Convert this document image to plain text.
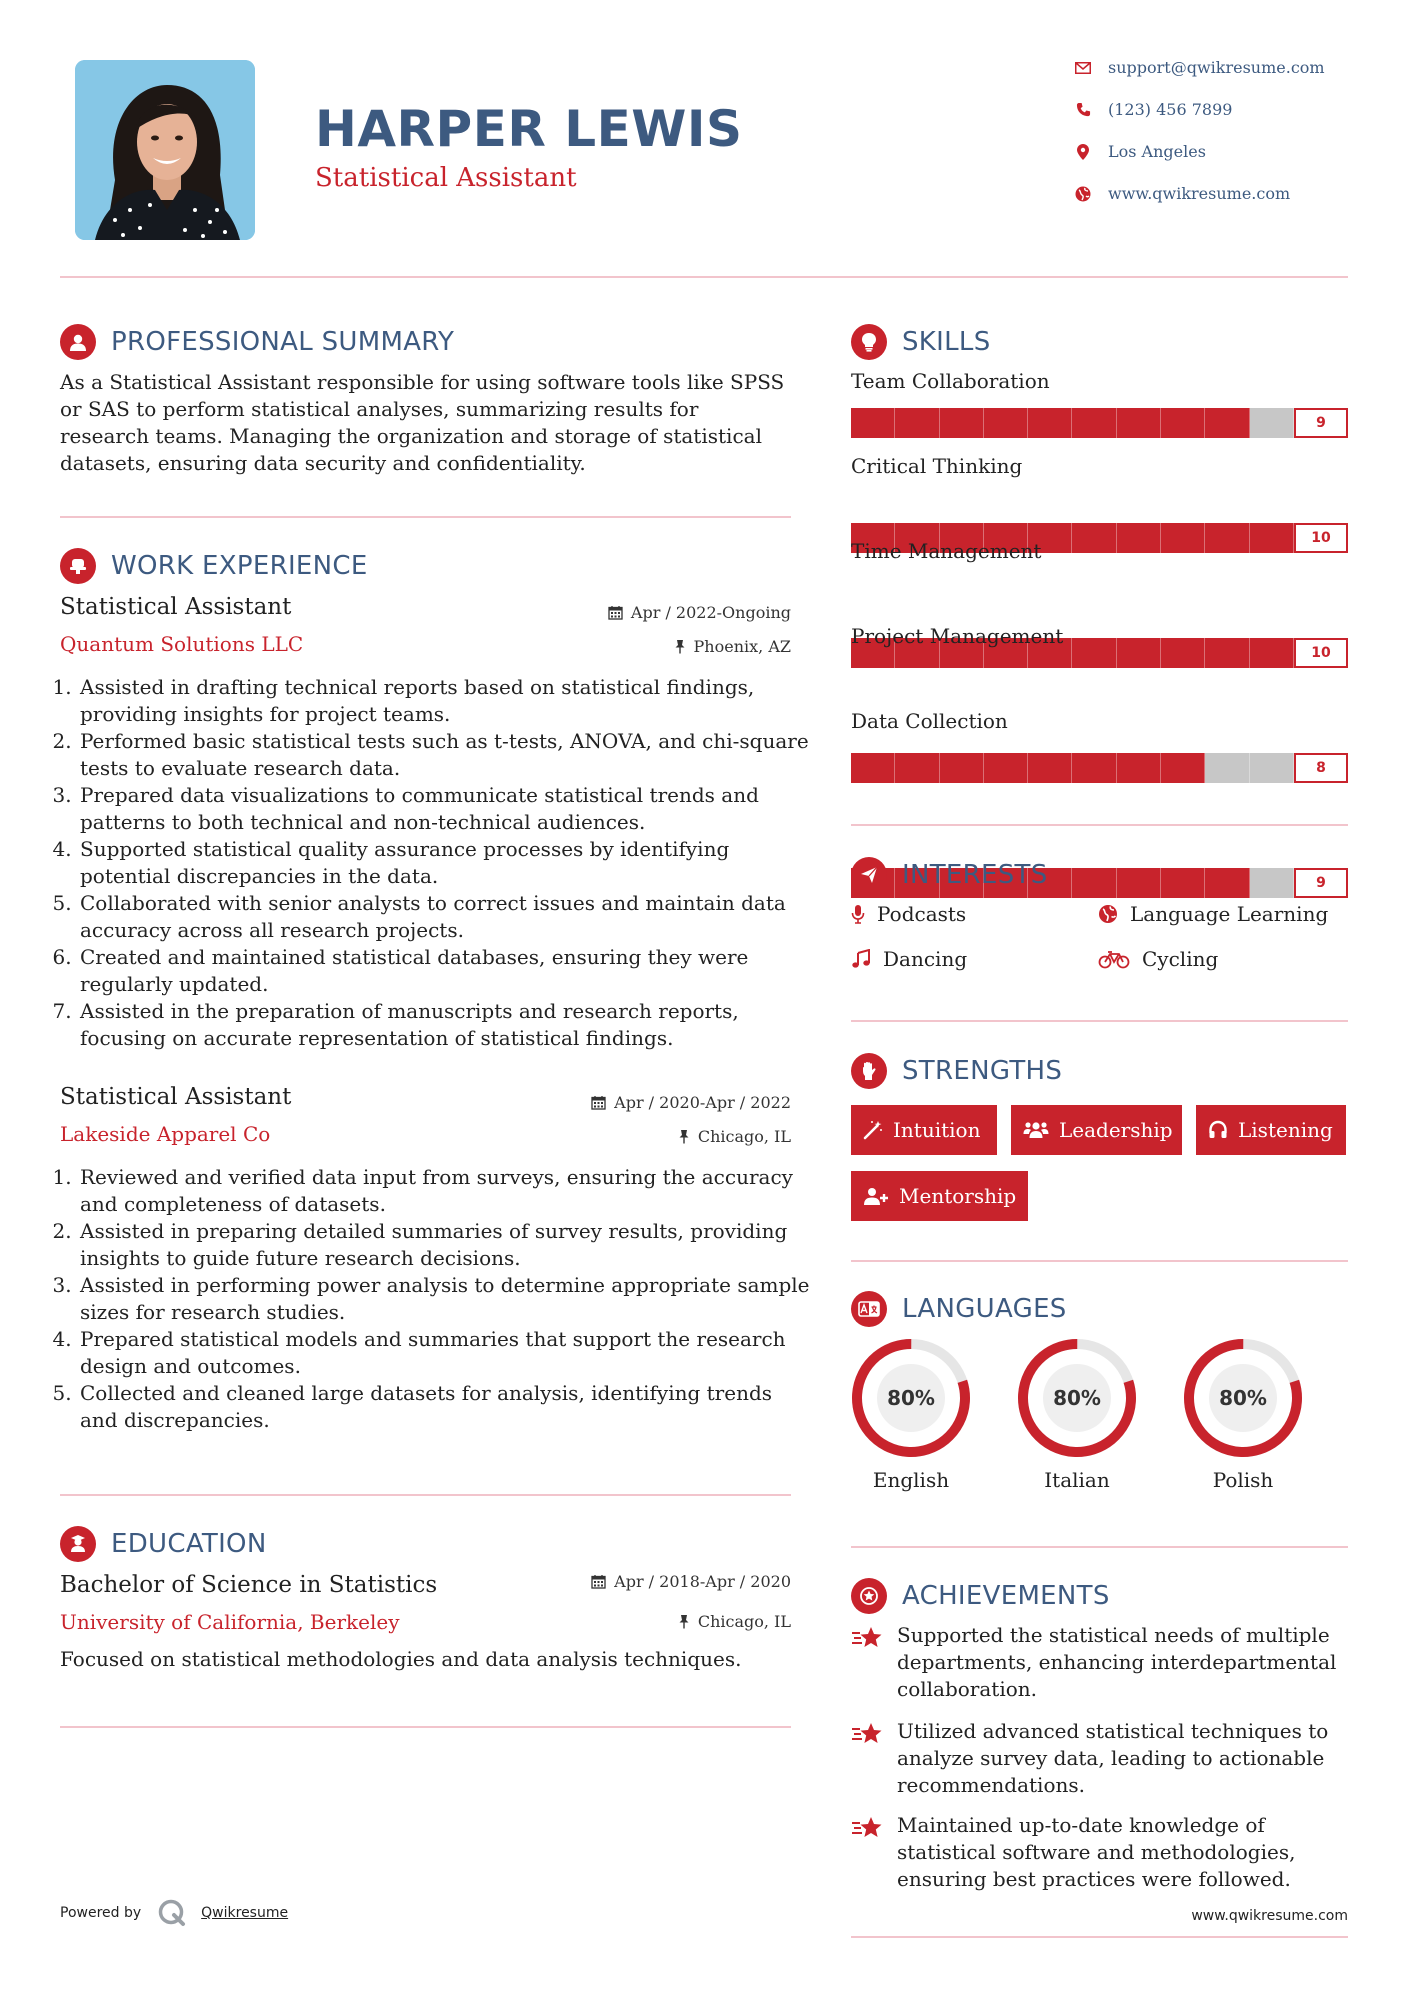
HARPER LEWIS
Statistical Assistant
support@qwikresume.com
(123) 456 7899
Los Angeles
www.qwikresume.com
PROFESSIONAL SUMMARY
As a Statistical Assistant responsible for using software tools like SPSS or SAS to perform statistical analyses, summarizing results for research teams. Managing the organization and storage of statistical datasets, ensuring data security and confidentiality.
WORK EXPERIENCE
Statistical Assistant	Apr / 2022-Ongoing
Quantum Solutions LLC	Phoenix, AZ
1. Assisted in drafting technical reports based on statistical findings, providing insights for project teams.
2. Performed basic statistical tests such as t-tests, ANOVA, and chi-square tests to evaluate research data.
3. Prepared data visualizations to communicate statistical trends and patterns to both technical and non-technical audiences.
4. Supported statistical quality assurance processes by identifying potential discrepancies in the data.
5. Collaborated with senior analysts to correct issues and maintain data accuracy across all research projects.
6. Created and maintained statistical databases, ensuring they were regularly updated.
7. Assisted in the preparation of manuscripts and research reports, focusing on accurate representation of statistical findings.
Statistical Assistant	Apr / 2020-Apr / 2022
Lakeside Apparel Co	Chicago, IL
1. Reviewed and verified data input from surveys, ensuring the accuracy and completeness of datasets.
2. Assisted in preparing detailed summaries of survey results, providing insights to guide future research decisions.
3. Assisted in performing power analysis to determine appropriate sample sizes for research studies.
4. Prepared statistical models and summaries that support the research design and outcomes.
5. Collected and cleaned large datasets for analysis, identifying trends and discrepancies.
EDUCATION
Bachelor of Science in Statistics	Apr / 2018-Apr / 2020
University of California, Berkeley	Chicago, IL
Focused on statistical methodologies and data analysis techniques.
Powered by	Qwikresume
SKILLS
Team Collaboration
9
Critical Thinking
10
Time Management
10
Project Management
8
Data Collection
9
INTERESTS
Podcasts	Language Learning
Dancing	Cycling
STRENGTHS
Intuition	Leadership	Listening
Mentorship
LANGUAGES
80%
English
80%
Italian
80%
Polish
ACHIEVEMENTS
Supported the statistical needs of multiple departments, enhancing interdepartmental collaboration.
Utilized advanced statistical techniques to analyze survey data, leading to actionable recommendations.
Maintained up-to-date knowledge of statistical software and methodologies, ensuring best practices were followed.
www.qwikresume.com
